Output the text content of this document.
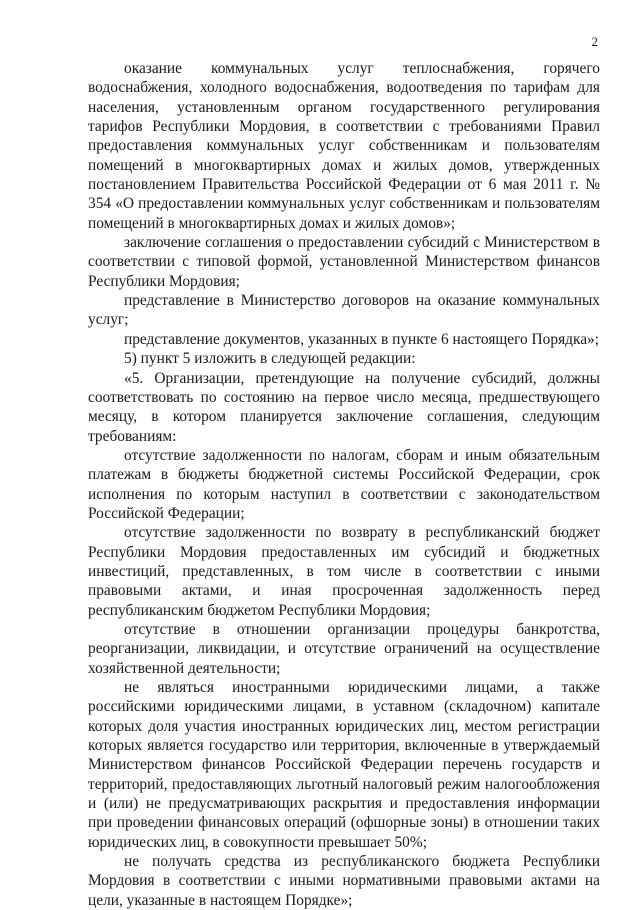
2

оказание коммунальных услуг теплоснабжения, горячего водоснабжения, холодного водоснабжения, водоотведения по тарифам для населения, установленным органом государственного регулирования тарифов Республики Мордовия, в соответствии с требованиями Правил предоставления коммунальных услуг собственникам и пользователям помещений в многоквартирных домах и жилых домов, утвержденных постановлением Правительства Российской Федерации от 6 мая 2011 г. № 354 «О предоставлении коммунальных услуг собственникам и пользователям помещений в многоквартирных домах и жилых домов»;

заключение соглашения о предоставлении субсидий с Министерством в соответствии с типовой формой, установленной Министерством финансов Республики Мордовия;

представление в Министерство договоров на оказание коммунальных услуг;

представление документов, указанных в пункте 6 настоящего Порядка»;

5) пункт 5 изложить в следующей редакции:

«5. Организации, претендующие на получение субсидий, должны соответствовать по состоянию на первое число месяца, предшествующего месяцу, в котором планируется заключение соглашения, следующим требованиям:

отсутствие задолженности по налогам, сборам и иным обязательным платежам в бюджеты бюджетной системы Российской Федерации, срок исполнения по которым наступил в соответствии с законодательством Российской Федерации;

отсутствие задолженности по возврату в республиканский бюджет Республики Мордовия предоставленных им субсидий и бюджетных инвестиций, представленных, в том числе в соответствии с иными правовыми актами, и иная просроченная задолженность перед республиканским бюджетом Республики Мордовия;

отсутствие в отношении организации процедуры банкротства, реорганизации, ликвидации, и отсутствие ограничений на осуществление хозяйственной деятельности;

не являться иностранными юридическими лицами, а также российскими юридическими лицами, в уставном (складочном) капитале которых доля участия иностранных юридических лиц, местом регистрации которых является государство или территория, включенные в утверждаемый Министерством финансов Российской Федерации перечень государств и территорий, предоставляющих льготный налоговый режим налогообложения и (или) не предусматривающих раскрытия и предоставления информации при проведении финансовых операций (офшорные зоны) в отношении таких юридических лиц, в совокупности превышает 50%;

не получать средства из республиканского бюджета Республики Мордовия в соответствии с иными нормативными правовыми актами на цели, указанные в настоящем Порядке»;
